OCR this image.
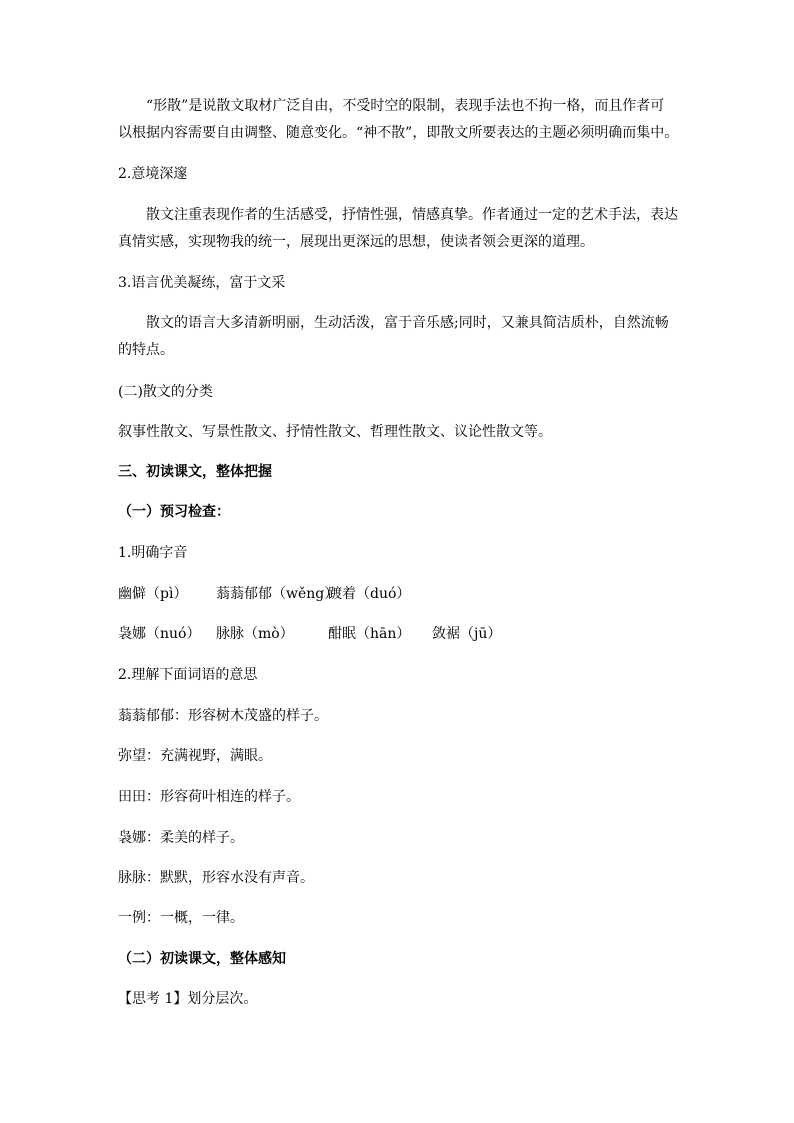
“形散”是说散文取材广泛自由，不受时空的限制，表现手法也不拘一格，而且作者可
以根据内容需要自由调整、随意变化。“神不散”，即散文所要表达的主题必须明确而集中。
2.意境深邃
散文注重表现作者的生活感受，抒情性强，情感真挚。作者通过一定的艺术手法，表达
真情实感，实现物我的统一，展现出更深远的思想，使读者领会更深的道理。
3.语言优美凝练，富于文采
散文的语言大多清新明丽，生动活泼，富于音乐感;同时，又兼具简洁质朴，自然流畅
的特点。
(二)散文的分类
叙事性散文、写景性散文、抒情性散文、哲理性散文、议论性散文等。
三、初读课文，整体把握
（一）预习检查：
1.明确字音
幽僻（pì） 蓊蓊郁郁（wěng）踱着（duó）
袅娜（nuó） 脉脉（mò） 酣眠（hān） 敛裾（jū）
2.理解下面词语的意思
蓊蓊郁郁：形容树木茂盛的样子。
弥望：充满视野，满眼。
田田：形容荷叶相连的样子。
袅娜：柔美的样子。
脉脉：默默，形容水没有声音。
一例：一概，一律。
（二）初读课文，整体感知
【思考 1】划分层次。
